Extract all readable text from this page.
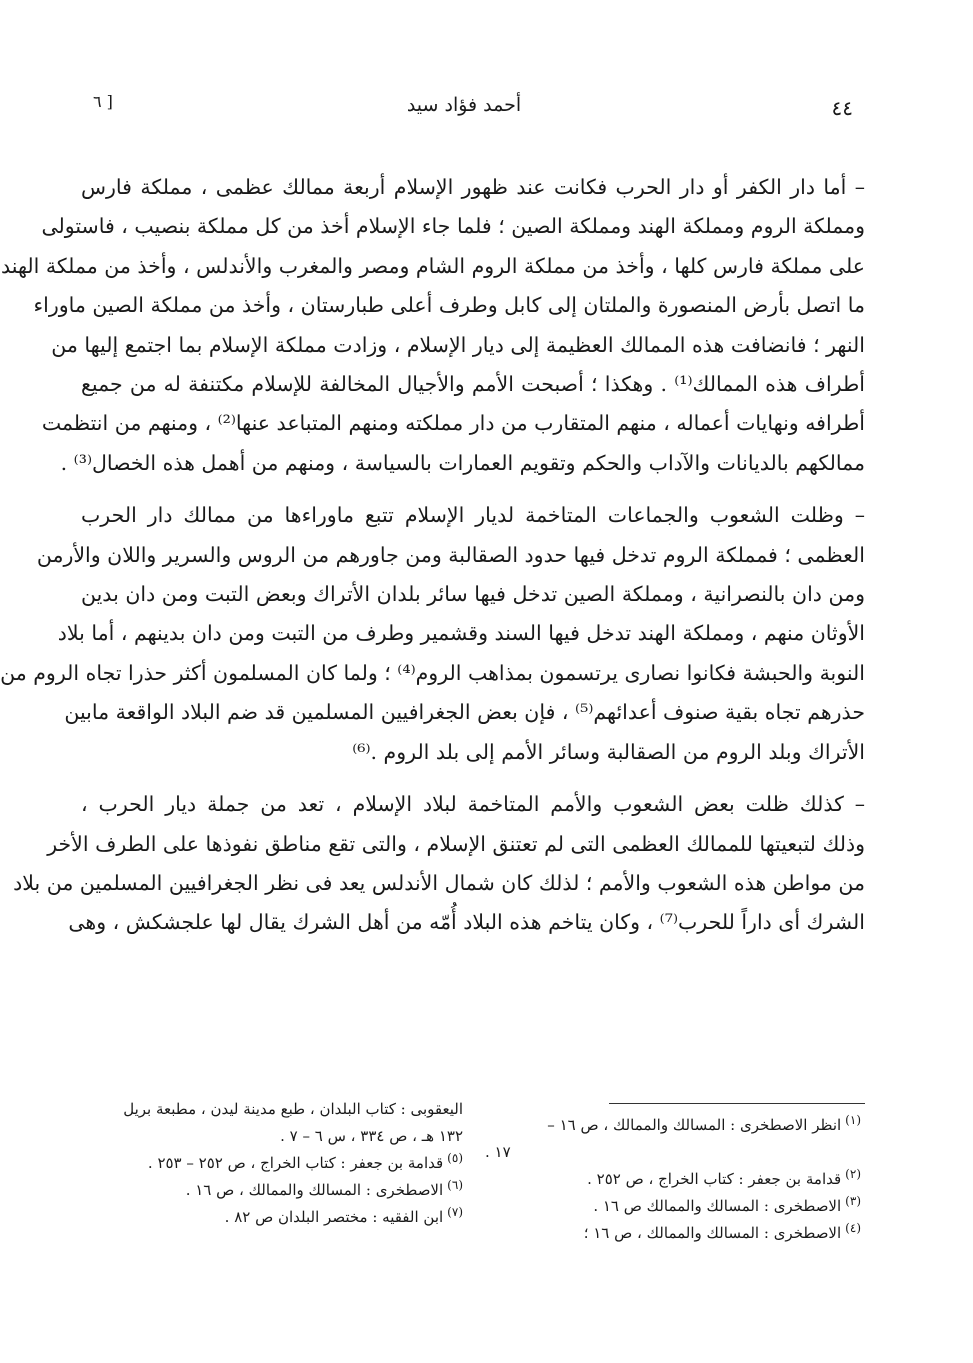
٤٤
أحمد فؤاد سيد
[ ٦

– أما دار الكفر أو دار الحرب فكانت عند ظهور الإسلام أربعة ممالك عظمى ، مملكة فارس
ومملكة الروم ومملكة الهند ومملكة الصين ؛ فلما جاء الإسلام أخذ من كل مملكة بنصيب ، فاستولى
على مملكة فارس كلها ، وأخذ من مملكة الروم الشام ومصر والمغرب والأندلس ، وأخذ من مملكة الهند
ما اتصل بأرض المنصورة والملتان إلى كابل وطرف أعلى طبارستان ، وأخذ من مملكة الصين ماوراء
النهر ؛ فانضافت هذه الممالك العظيمة إلى ديار الإسلام ، وزادت مملكة الإسلام بما اجتمع إليها من
أطراف هذه الممالك⁽¹⁾ . وهكذا ؛ أصبحت الأمم والأجيال المخالفة للإسلام مكتنفة له من جميع
أطرافه ونهايات أعماله ، منهم المتقارب من دار مملكته ومنهم المتباعد عنها⁽²⁾ ، ومنهم من انتظمت
ممالكهم بالديانات والآداب والحكم وتقويم العمارات بالسياسة ، ومنهم من أهمل هذه الخصال⁽³⁾ .

– وظلت الشعوب والجماعات المتاخمة لديار الإسلام تتبع ماوراءها من ممالك دار الحرب
العظمى ؛ فمملكة الروم تدخل فيها حدود الصقالبة ومن جاورهم من الروس والسرير واللان والأرمن
ومن دان بالنصرانية ، ومملكة الصين تدخل فيها سائر بلدان الأتراك وبعض التبت ومن دان بدين
الأوثان منهم ، ومملكة الهند تدخل فيها السند وقشمير وطرف من التبت ومن دان بدينهم ، أما بلاد
النوبة والحبشة فكانوا نصارى يرتسمون بمذاهب الروم⁽⁴⁾ ؛ ولما كان المسلمون أكثر حذرا تجاه الروم من
حذرهم تجاه بقية صنوف أعدائهم⁽⁵⁾ ، فإن بعض الجغرافيين المسلمين قد ضم البلاد الواقعة مابين
الأتراك وبلد الروم من الصقالبة وسائر الأمم إلى بلد الروم .⁽⁶⁾

– كذلك ظلت بعض الشعوب والأمم المتاخمة لبلاد الإسلام ، تعد من جملة ديار الحرب ،
وذلك لتبعيتها للممالك العظمى التى لم تعتنق الإسلام ، والتى تقع مناطق نفوذها على الطرف الأخر
من مواطن هذه الشعوب والأمم ؛ لذلك كان شمال الأندلس يعد فى نظر الجغرافيين المسلمين من بلاد
الشرك أى داراً للحرب⁽⁷⁾ ، وكان يتاخم هذه البلاد أُمّه من أهل الشرك يقال لها علجشكش ، وهى

$^{(١)}$انظر الاصطخرى : المسالك والممالك ، ص ١٦ –
١٧ .
$^{(٢)}$قدامة بن جعفر : كتاب الخراج ، ص ٢٥٢ .
$^{(٣)}$الاصطخرى : المسالك والممالك ص ١٦ .
$^{(٤)}$الاصطخرى : المسالك والممالك ، ص ١٦ ؛
اليعقوبى : كتاب البلدان ، طبع مدينة ليدن ، مطبعة بريل
١٣٢ هـ ، ص ٣٣٤ ، س ٦ – ٧ .
$^{(٥)}$قدامة بن جعفر : كتاب الخراج ، ص ٢٥٢ – ٢٥٣ .
$^{(٦)}$الاصطخرى : المسالك والممالك ، ص ١٦ .
$^{(٧)}$ابن الفقيه : مختصر البلدان ص ٨٢ .
